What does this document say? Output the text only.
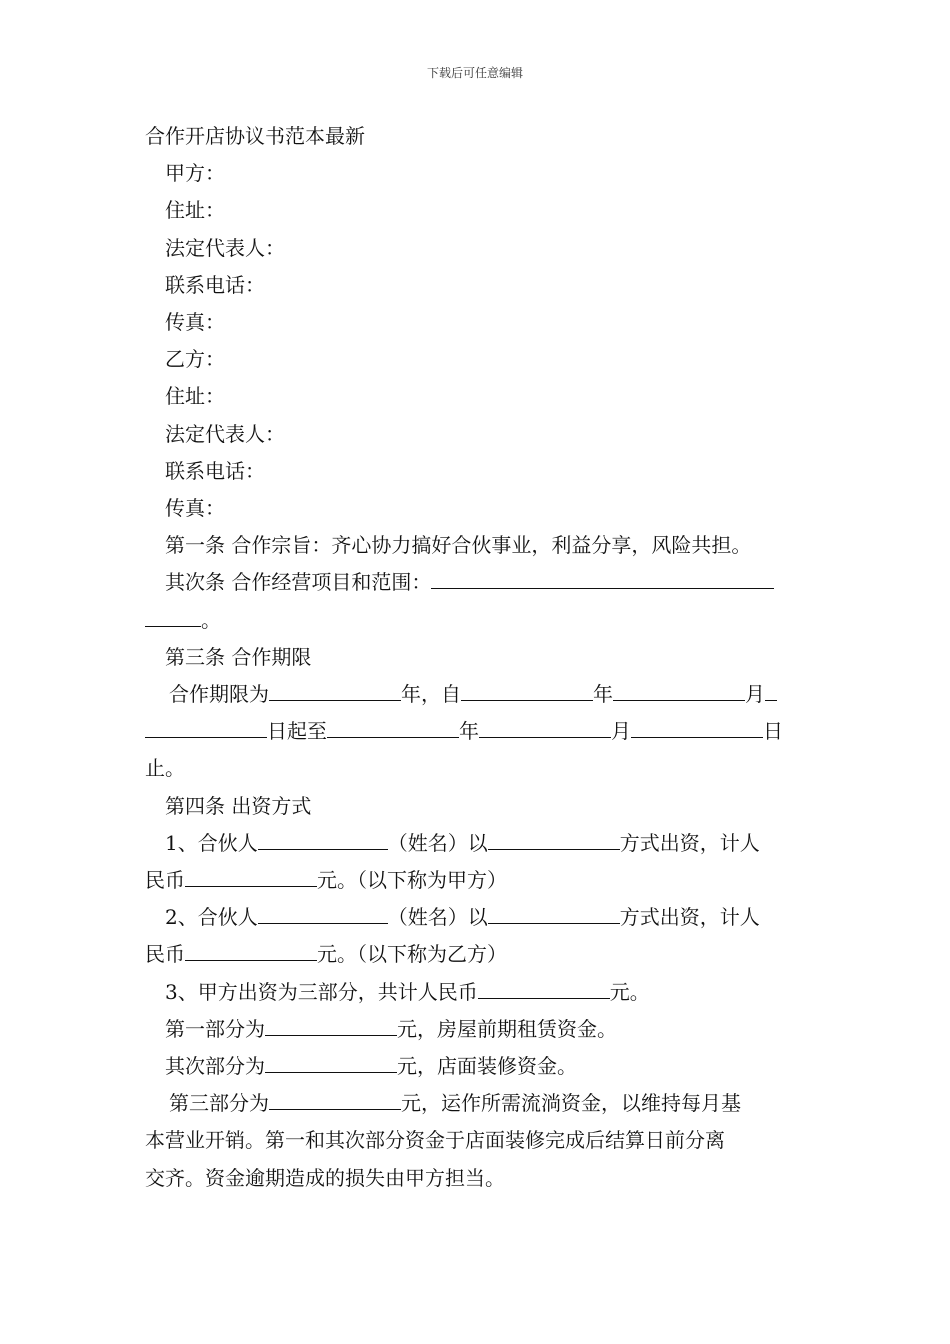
下载后可任意编辑
合作开店协议书范本最新
甲方：
住址：
法定代表人：
联系电话：
传真：
乙方：
住址：
法定代表人：
联系电话：
传真：
第一条 合作宗旨：齐心协力搞好合伙事业，利益分享，风险共担。
其次条 合作经营项目和范围：
。
第三条 合作期限
合作期限为	年，自	年	月
日起至	年	月	日
止。
第四条 出资方式
1、合伙人	（姓名）以	方式出资，计人
民币	元。（以下称为甲方）
2、合伙人	（姓名）以	方式出资，计人
民币	元。（以下称为乙方）
3、甲方出资为三部分，共计人民币	元。
第一部分为	元，房屋前期租赁资金。
其次部分为	元，店面装修资金。
第三部分为	元，运作所需流淌资金，以维持每月基
本营业开销。第一和其次部分资金于店面装修完成后结算日前分离
交齐。资金逾期造成的损失由甲方担当。
